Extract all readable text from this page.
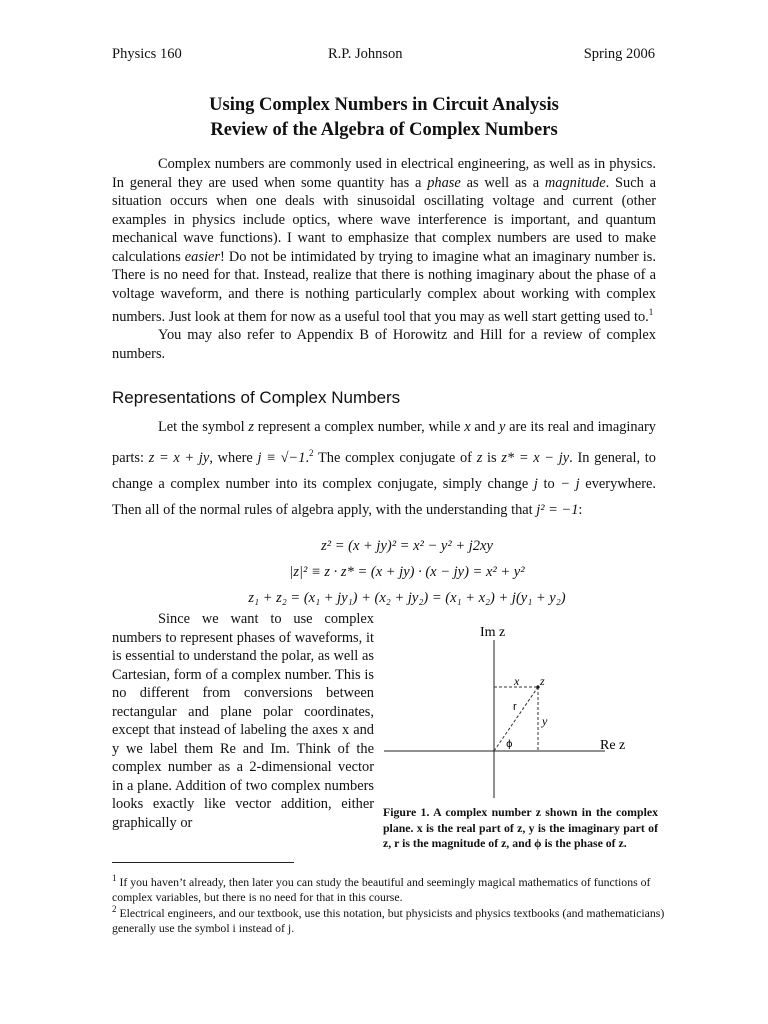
Physics 160	R.P. Johnson	Spring 2006
Using Complex Numbers in Circuit Analysis
Review of the Algebra of Complex Numbers

Complex numbers are commonly used in electrical engineering, as well as in physics. In general they are used when some quantity has a phase as well as a magnitude. Such a situation occurs when one deals with sinusoidal oscillating voltage and current (other examples in physics include optics, where wave interference is important, and quantum mechanical wave functions). I want to emphasize that complex numbers are used to make calculations easier! Do not be intimidated by trying to imagine what an imaginary number is. There is no need for that. Instead, realize that there is nothing imaginary about the phase of a voltage waveform, and there is nothing particularly complex about working with complex numbers. Just look at them for now as a useful tool that you may as well start getting used to.$^1$

You may also refer to Appendix B of Horowitz and Hill for a review of complex numbers.

Representations of Complex Numbers

Let the symbol z represent a complex number, while x and y are its real and imaginary parts: z = x + jy, where j ≡ √−1.$^2$ The complex conjugate of z is z* = x − jy. In general, to change a complex number into its complex conjugate, simply change j to − j everywhere. Then all of the normal rules of algebra apply, with the understanding that j² = −1:

z² = (x + jy)² = x² − y² + j2xy
|z|² ≡ z · z* = (x + jy) · (x − jy) = x² + y²
z₁ + z₂ = (x₁ + jy₁) + (x₂ + jy₂) = (x₁ + x₂) + j(y₁ + y₂)

Since we want to use complex numbers to represent phases of waveforms, it is essential to understand the polar, as well as Cartesian, form of a complex number. This is no different from conversions between rectangular and plane polar coordinates, except that instead of labeling the axes x and y we label them Re and Im. Think of the complex number as a 2-dimensional vector in a plane. Addition of two complex numbers looks exactly like vector addition, either graphically or

Im z
Re z
x z
r
y
ϕ
Figure 1. A complex number z shown in the complex plane. x is the real part of z, y is the imaginary part of z, r is the magnitude of z, and ϕ is the phase of z.
$^1$ If you haven’t already, then later you can study the beautiful and seemingly magical mathematics of functions of complex variables, but there is no need for that in this course.
$^2$ Electrical engineers, and our textbook, use this notation, but physicists and physics textbooks (and mathematicians) generally use the symbol i instead of j.
